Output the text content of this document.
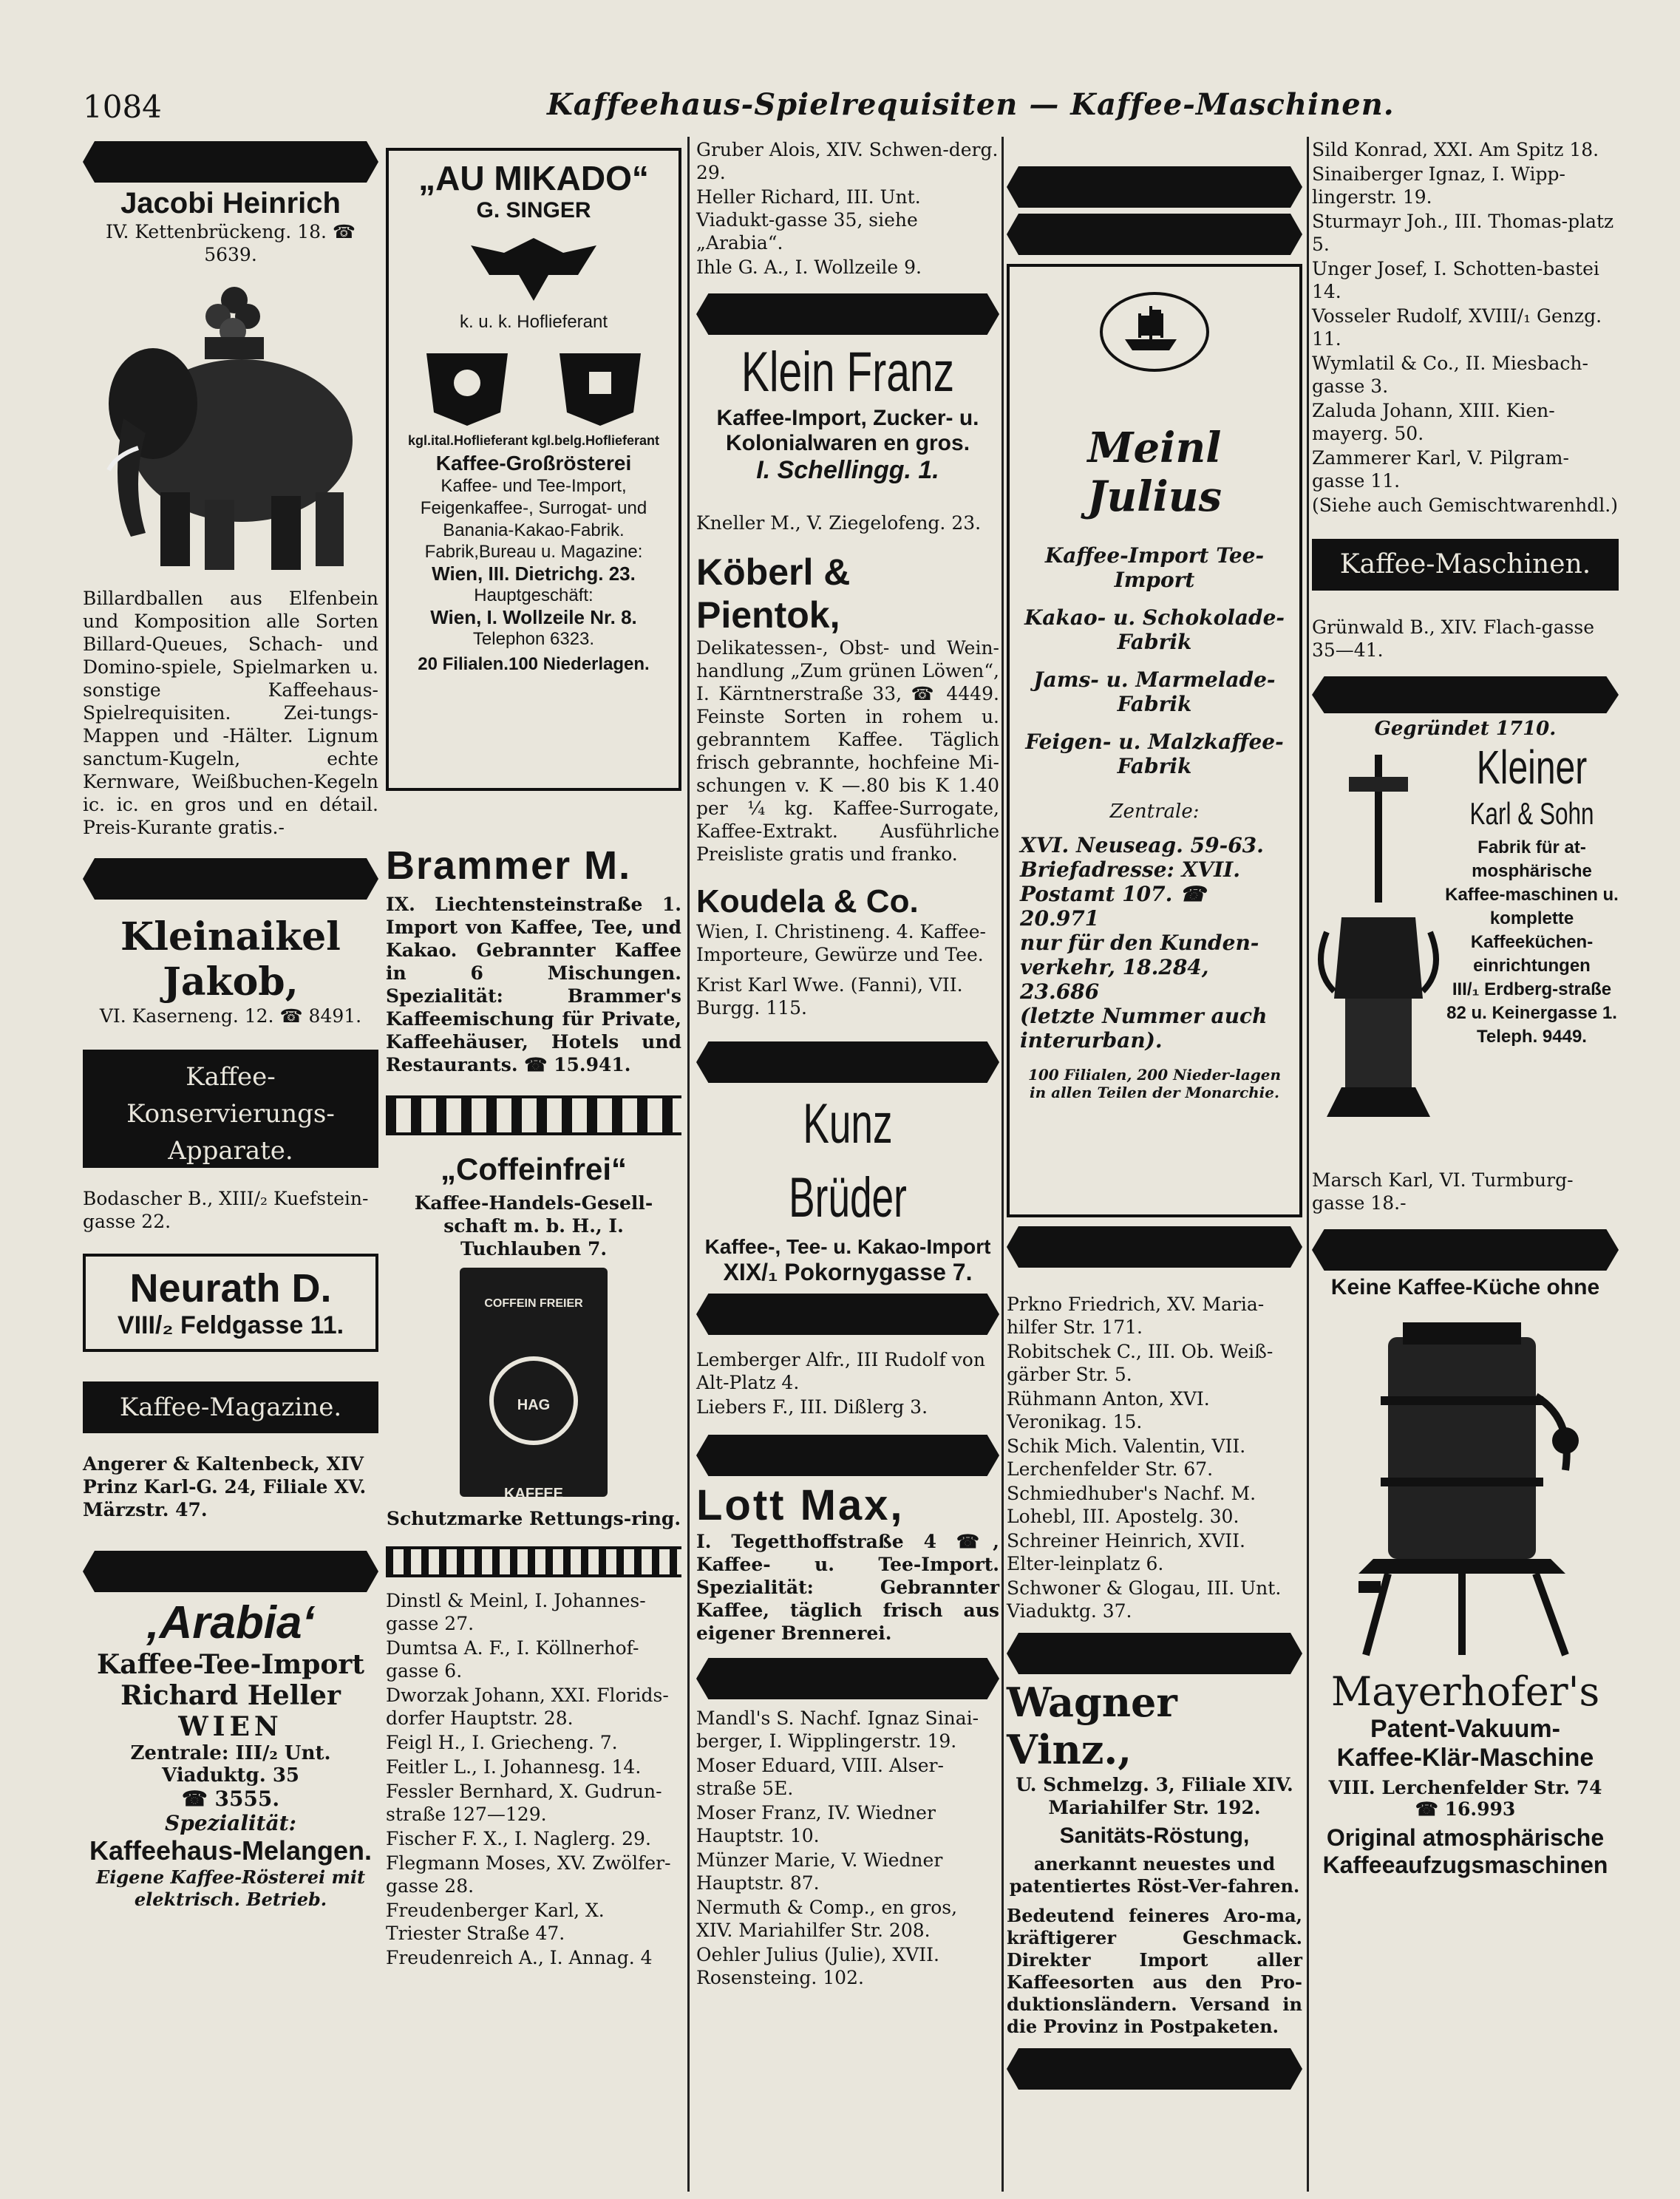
1084	Kaffeehaus-Spielrequisiten — Kaffee-Maschinen.
Jacobi Heinrich
IV. Kettenbrückeng. 18. ☎ 5639.

Billardballen aus Elfenbein und Komposition alle Sorten Billard-Queues, Schach- und Domino-spiele, Spielmarken u. sonstige Kaffeehaus-Spielrequisiten. Zei-tungs-Mappen und -Hälter. Lignum sanctum-Kugeln, echte Kernware, Weißbuchen-Kegeln ic. ic. en gros und en détail. Preis-Kurante gratis.-

Kleinaikel Jakob,
VI. Kaserneng. 12. ☎ 8491.
Kaffee-Konservierungs-Apparate.

Bodascher B., XIII/₂ Kuefstein-gasse 22.

Neurath D.
VIII/₂ Feldgasse 11.
Kaffee-Magazine.

Angerer & Kaltenbeck, XIV Prinz Karl-G. 24, Filiale XV. Märzstr. 47.

‚Arabia‘
Kaffee-Tee-Import
Richard Heller
WIEN
Zentrale: III/₂ Unt. Viaduktg. 35
☎ 3555.
Spezialität:
Kaffeehaus-Melangen.
Eigene Kaffee-Rösterei mit elektrisch. Betrieb.
„AU MIKADO“
G. SINGER
k. u. k. Hoflieferant
kgl.ital.Hoflieferant kgl.belg.Hoflieferant
Kaffee-Großrösterei
Kaffee- und Tee-Import, Feigenkaffee-, Surrogat- und Banania-Kakao-Fabrik.
Fabrik,Bureau u. Magazine:
Wien, III. Dietrichg. 23.
Hauptgeschäft:
Wien, I. Wollzeile Nr. 8.
Telephon 6323.
20 Filialen.100 Niederlagen.
Brammer M.

IX. Liechtensteinstraße 1. Import von Kaffee, Tee, und Kakao. Gebrannter Kaffee in 6 Mischungen. Spezialität: Brammer's Kaffeemischung für Private, Kaffeehäuser, Hotels und Restaurants. ☎ 15.941.

„Coffeinfrei“

Kaffee-Handels-Gesell-schaft m. b. H., I. Tuchlauben 7.

COFFEIN FREIER
HAG KAFFEE

Schutzmarke Rettungs-ring.

Dinstl & Meinl, I. Johannes-gasse 27.

Dumtsa A. F., I. Köllnerhof-gasse 6.

Dworzak Johann, XXI. Florids-dorfer Hauptstr. 28.

Feigl H., I. Griecheng. 7.

Feitler L., I. Johannesg. 14.

Fessler Bernhard, X. Gudrun-straße 127—129.

Fischer F. X., I. Naglerg. 29.

Flegmann Moses, XV. Zwölfer-gasse 28.

Freudenberger Karl, X. Triester Straße 47.

Freudenreich A., I. Annag. 4

Gruber Alois, XIV. Schwen-derg. 29.

Heller Richard, III. Unt. Viadukt-gasse 35, siehe „Arabia“.

Ihle G. A., I. Wollzeile 9.

Klein Franz
Kaffee-Import, Zucker- u.
Kolonialwaren en gros.
I. Schellingg. 1.

Kneller M., V. Ziegelofeng. 23.

Köberl & Pientok,

Delikatessen-, Obst- und Wein-handlung „Zum grünen Löwen“, I. Kärntnerstraße 33, ☎ 4449. Feinste Sorten in rohem u. gebranntem Kaffee. Täglich frisch gebrannte, hochfeine Mi-schungen v. K —.80 bis K 1.40 per ¼ kg. Kaffee-Surrogate, Kaffee-Extrakt. Ausführliche Preisliste gratis und franko.

Koudela & Co.

Wien, I. Christineng. 4. Kaffee-Importeure, Gewürze und Tee.

Krist Karl Wwe. (Fanni), VII. Burgg. 115.

Kunz Brüder
Kaffee-, Tee- u. Kakao-Import
XIX/₁ Pokornygasse 7.

Lemberger Alfr., III Rudolf von Alt-Platz 4.

Liebers F., III. Dißlerg 3.

Lott Max,

I. Tegetthoffstraße 4 ☎, Kaffee- u. Tee-Import. Spezialität: Gebrannter Kaffee, täglich frisch aus eigener Brennerei.

Mandl's S. Nachf. Ignaz Sinai-berger, I. Wipplingerstr. 19.

Moser Eduard, VIII. Alser-straße 5E.

Moser Franz, IV. Wiedner Hauptstr. 10.

Münzer Marie, V. Wiedner Hauptstr. 87.

Nermuth & Comp., en gros, XIV. Mariahilfer Str. 208.

Oehler Julius (Julie), XVII. Rosensteing. 102.

Meinl Julius
Kaffee-Import Tee-Import
Kakao- u. Schokolade-Fabrik
Jams- u. Marmelade-Fabrik
Feigen- u. Malzkaffee-Fabrik
Zentrale:
XVI. Neuseag. 59-63.
Briefadresse: XVII.
Postamt 107. ☎ 20.971
nur für den Kunden-verkehr, 18.284, 23.686
(letzte Nummer auch interurban).
100 Filialen, 200 Nieder-lagen in allen Teilen der Monarchie.

Prkno Friedrich, XV. Maria-hilfer Str. 171.

Robitschek C., III. Ob. Weiß-gärber Str. 5.

Rühmann Anton, XVI. Veronikag. 15.

Schik Mich. Valentin, VII. Lerchenfelder Str. 67.

Schmiedhuber's Nachf. M. Lohebl, III. Apostelg. 30.

Schreiner Heinrich, XVII. Elter-leinplatz 6.

Schwoner & Glogau, III. Unt. Viaduktg. 37.

Wagner Vinz.,
U. Schmelzg. 3, Filiale XIV. Mariahilfer Str. 192.
Sanitäts-Röstung,
anerkannt neuestes und patentiertes Röst-Ver-fahren.
Bedeutend feineres Aro-ma, kräftigerer Geschmack. Direkter Import aller Kaffeesorten aus den Pro-duktionsländern. Versand in die Provinz in Postpaketen.

Sild Konrad, XXI. Am Spitz 18.

Sinaiberger Ignaz, I. Wipp-lingerstr. 19.

Sturmayr Joh., III. Thomas-platz 5.

Unger Josef, I. Schotten-bastei 14.

Vosseler Rudolf, XVIII/₁ Genzg. 11.

Wymlatil & Co., II. Miesbach-gasse 3.

Zaluda Johann, XIII. Kien-mayerg. 50.

Zammerer Karl, V. Pilgram-gasse 11.

(Siehe auch Gemischtwarenhdl.)

Kaffee-Maschinen.

Grünwald B., XIV. Flach-gasse 35—41.

Gegründet 1710.
Kleiner
Karl & Sohn
Fabrik für at-mosphärische Kaffee-maschinen u. komplette Kaffeeküchen-einrichtungen
III/₁ Erdberg-straße 82 u. Keinergasse 1.
Teleph. 9449.

Marsch Karl, VI. Turmburg-gasse 18.-

Keine Kaffee-Küche ohne
Mayerhofer's
Patent-Vakuum-
Kaffee-Klär-Maschine
VIII. Lerchenfelder Str. 74
☎ 16.993
Original atmosphärische
Kaffeeaufzugsmaschinen
